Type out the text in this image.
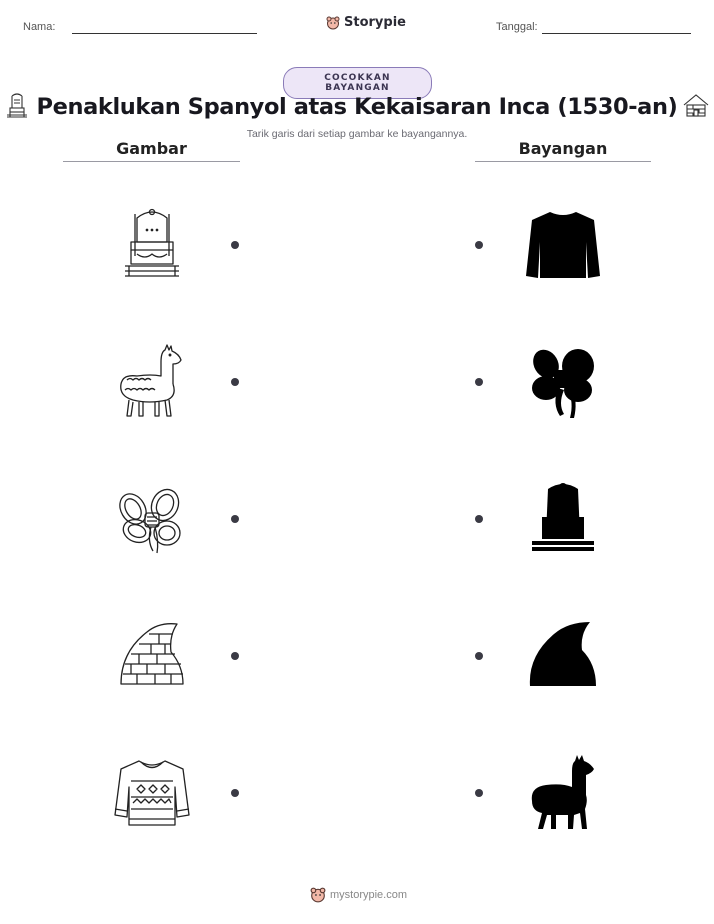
Nama:	Storypie	Tanggal:
COCOKKAN BAYANGAN
Penaklukan Spanyol atas Kekaisaran Inca (1530-an)
Tarik garis dari setiap gambar ke bayangannya.
Gambar	Bayangan
mystorypie.com
